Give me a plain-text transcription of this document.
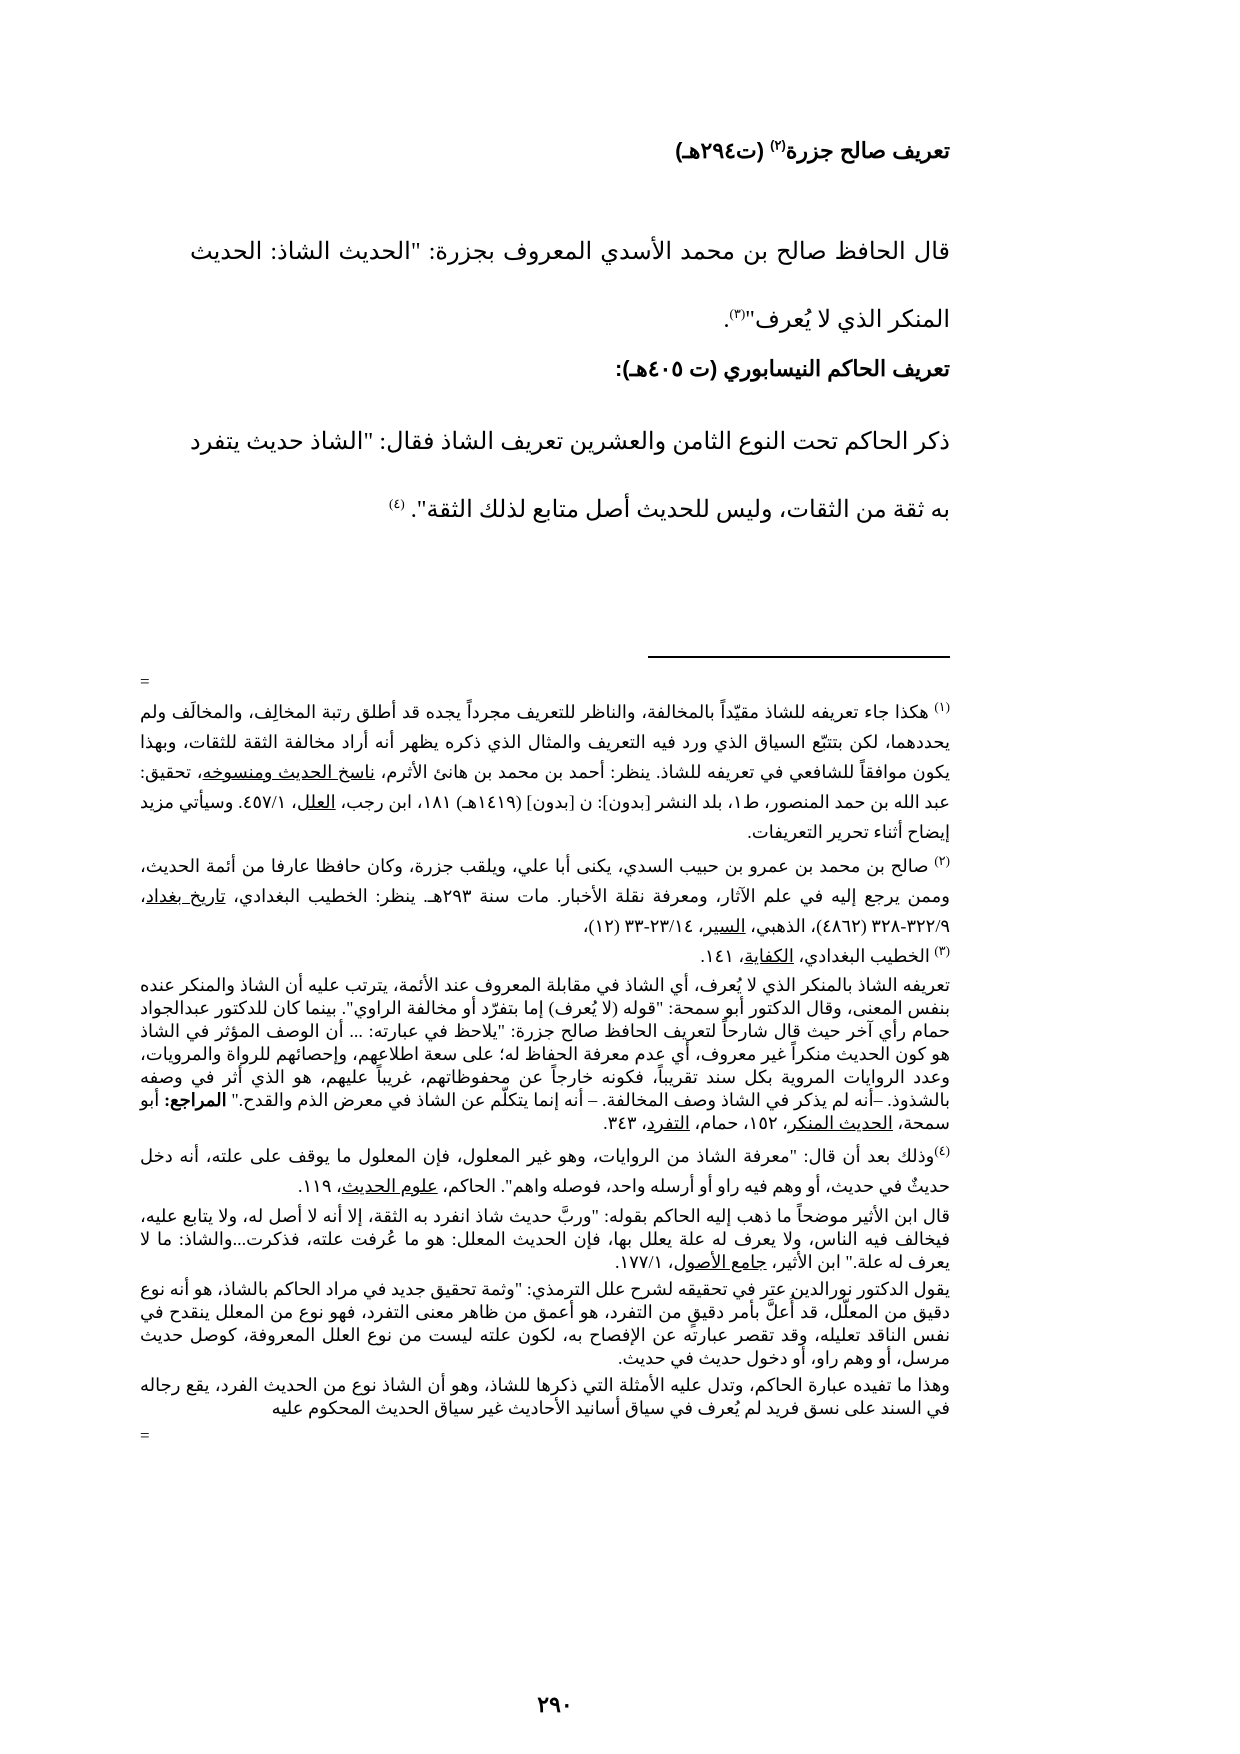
تعريف صالح جزرة$^{(٢)}$ (ت٢٩٤هـ)
قال الحافظ صالح بن محمد الأسدي المعروف بجزرة: "الحديث الشاذ: الحديث المنكر الذي لا يُعرف"$^{(٣)}$.
تعريف الحاكم النيسابوري (ت ٤٠٥هـ):
ذكر الحاكم تحت النوع الثامن والعشرين تعريف الشاذ فقال: "الشاذ حديث يتفرد به ثقة من الثقات، وليس للحديث أصل متابع لذلك الثقة". $^{(٤)}$
=
$^{(١)}$ هكذا جاء تعريفه للشاذ مقيّداً بالمخالفة، والناظر للتعريف مجرداً يجده قد أطلق رتبة المخالِف، والمخالَف ولم يحددهما، لكن بتتبّع السياق الذي ورد فيه التعريف والمثال الذي ذكره يظهر أنه أراد مخالفة الثقة للثقات، وبهذا يكون موافقاً للشافعي في تعريفه للشاذ. ينظر: أحمد بن محمد بن هانئ الأثرم، ناسخ الحديث ومنسوخه، تحقيق: عبد الله بن حمد المنصور، ط١، بلد النشر [بدون]: ن [بدون] (١٤١٩هـ) ١٨١، ابن رجب، العلل، ٤٥٧/١. وسيأتي مزيد إيضاح أثناء تحرير التعريفات.
$^{(٢)}$ صالح بن محمد بن عمرو بن حبيب السدي، يكنى أبا علي، ويلقب جزرة، وكان حافظا عارفا من أئمة الحديث، وممن يرجع إليه في علم الآثار، ومعرفة نقلة الأخبار. مات سنة ٢٩٣هـ. ينظر: الخطيب البغدادي، تاريخ بغداد، ٣٢٢/٩-٣٢٨ (٤٨٦٢)، الذهبي، السير، ٢٣/١٤-٣٣ (١٢)،
$^{(٣)}$ الخطيب البغدادي، الكفاية، ١٤١.
تعريفه الشاذ بالمنكر الذي لا يُعرف، أي الشاذ في مقابلة المعروف عند الأئمة، يترتب عليه أن الشاذ والمنكر عنده بنفس المعنى، وقال الدكتور أبو سمحة: "قوله (لا يُعرف) إما بتفرّد أو مخالفة الراوي". بينما كان للدكتور عبدالجواد حمام رأي آخر حيث قال شارحاً لتعريف الحافظ صالح جزرة: "يلاحظ في عبارته: ... أن الوصف المؤثر في الشاذ هو كون الحديث منكراً غير معروف، أي عدم معرفة الحفاظ له؛ على سعة اطلاعهم، وإحصائهم للرواة والمرويات، وعدد الروايات المروية بكل سند تقريباً، فكونه خارجاً عن محفوظاتهم، غريباً عليهم، هو الذي أثر في وصفه بالشذوذ. –أنه لم يذكر في الشاذ وصف المخالفة. – أنه إنما يتكلّم عن الشاذ في معرض الذم والقدح." المراجع: أبو سمحة، الحديث المنكر، ١٥٢، حمام، التفرد، ٣٤٣.
$^{(٤)}$وذلك بعد أن قال: "معرفة الشاذ من الروايات، وهو غير المعلول، فإن المعلول ما يوقف على علته، أنه دخل حديثٌ في حديث، أو وهم فيه راو أو أرسله واحد، فوصله واهم". الحاكم، علوم الحديث، ١١٩.
قال ابن الأثير موضحاً ما ذهب إليه الحاكم بقوله: "وربَّ حديث شاذ انفرد به الثقة، إلا أنه لا أصل له، ولا يتابع عليه، فيخالف فيه الناس، ولا يعرف له علة يعلل بها، فإن الحديث المعلل: هو ما عُرفت علته، فذكرت...والشاذ: ما لا يعرف له علة." ابن الأثير، جامع الأصول، ١٧٧/١.
يقول الدكتور نورالدين عتر في تحقيقه لشرح علل الترمذي: "وثمة تحقيق جديد في مراد الحاكم بالشاذ، هو أنه نوع دقيق من المعلّل، قد أُعلَّ بأمر دقيقٍ من التفرد، هو أعمق من ظاهر معنى التفرد، فهو نوع من المعلل ينقدح في نفس الناقد تعليله، وقد تقصر عبارته عن الإفصاح به، لكون علته ليست من نوع العلل المعروفة، كوصل حديث مرسل، أو وهم راو، أو دخول حديث في حديث.
وهذا ما تفيده عبارة الحاكم، وتدل عليه الأمثلة التي ذكرها للشاذ، وهو أن الشاذ نوع من الحديث الفرد، يقع رجاله في السند على نسق فريد لم يُعرف في سياق أسانيد الأحاديث غير سياق الحديث المحكوم عليه
=
٢٩٠
